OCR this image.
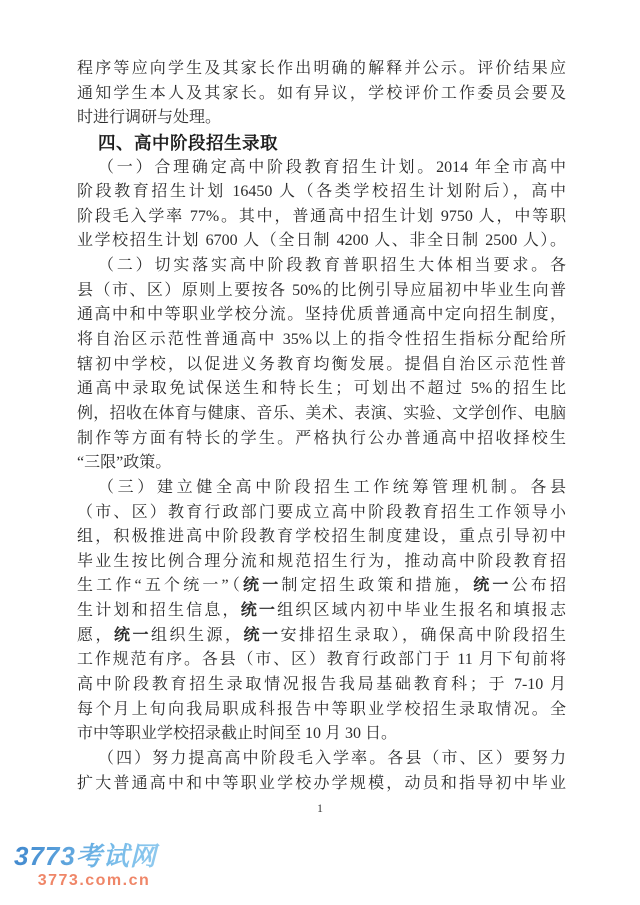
程序等应向学生及其家长作出明确的解释并公示。评价结果应
通知学生本人及其家长。如有异议，学校评价工作委员会要及
时进行调研与处理。
四、高中阶段招生录取
（一）合理确定高中阶段教育招生计划。2014 年全市高中
阶段教育招生计划 16450 人（各类学校招生计划附后），高中
阶段毛入学率 77%。其中，普通高中招生计划 9750 人，中等职
业学校招生计划 6700 人（全日制 4200 人、非全日制 2500 人）。
（二）切实落实高中阶段教育普职招生大体相当要求。各
县（市、区）原则上要按各 50%的比例引导应届初中毕业生向普
通高中和中等职业学校分流。坚持优质普通高中定向招生制度，
将自治区示范性普通高中 35%以上的指令性招生指标分配给所
辖初中学校，以促进义务教育均衡发展。提倡自治区示范性普
通高中录取免试保送生和特长生；可划出不超过 5%的招生比
例，招收在体育与健康、音乐、美术、表演、实验、文学创作、电脑
制作等方面有特长的学生。严格执行公办普通高中招收择校生
“三限”政策。
（三）建立健全高中阶段招生工作统筹管理机制。各县
（市、区）教育行政部门要成立高中阶段教育招生工作领导小
组，积极推进高中阶段教育学校招生制度建设，重点引导初中
毕业生按比例合理分流和规范招生行为，推动高中阶段教育招
生工作“五个统一”（统一制定招生政策和措施，统一公布招
生计划和招生信息，统一组织区域内初中毕业生报名和填报志
愿，统一组织生源，统一安排招生录取），确保高中阶段招生
工作规范有序。各县（市、区）教育行政部门于 11 月下旬前将
高中阶段教育招生录取情况报告我局基础教育科；于 7-10 月
每个月上旬向我局职成科报告中等职业学校招生录取情况。全
市中等职业学校招录截止时间至 10 月 30 日。
（四）努力提高高中阶段毛入学率。各县（市、区）要努力
扩大普通高中和中等职业学校办学规模，动员和指导初中毕业
1
3773考试网
3773.com.cn
